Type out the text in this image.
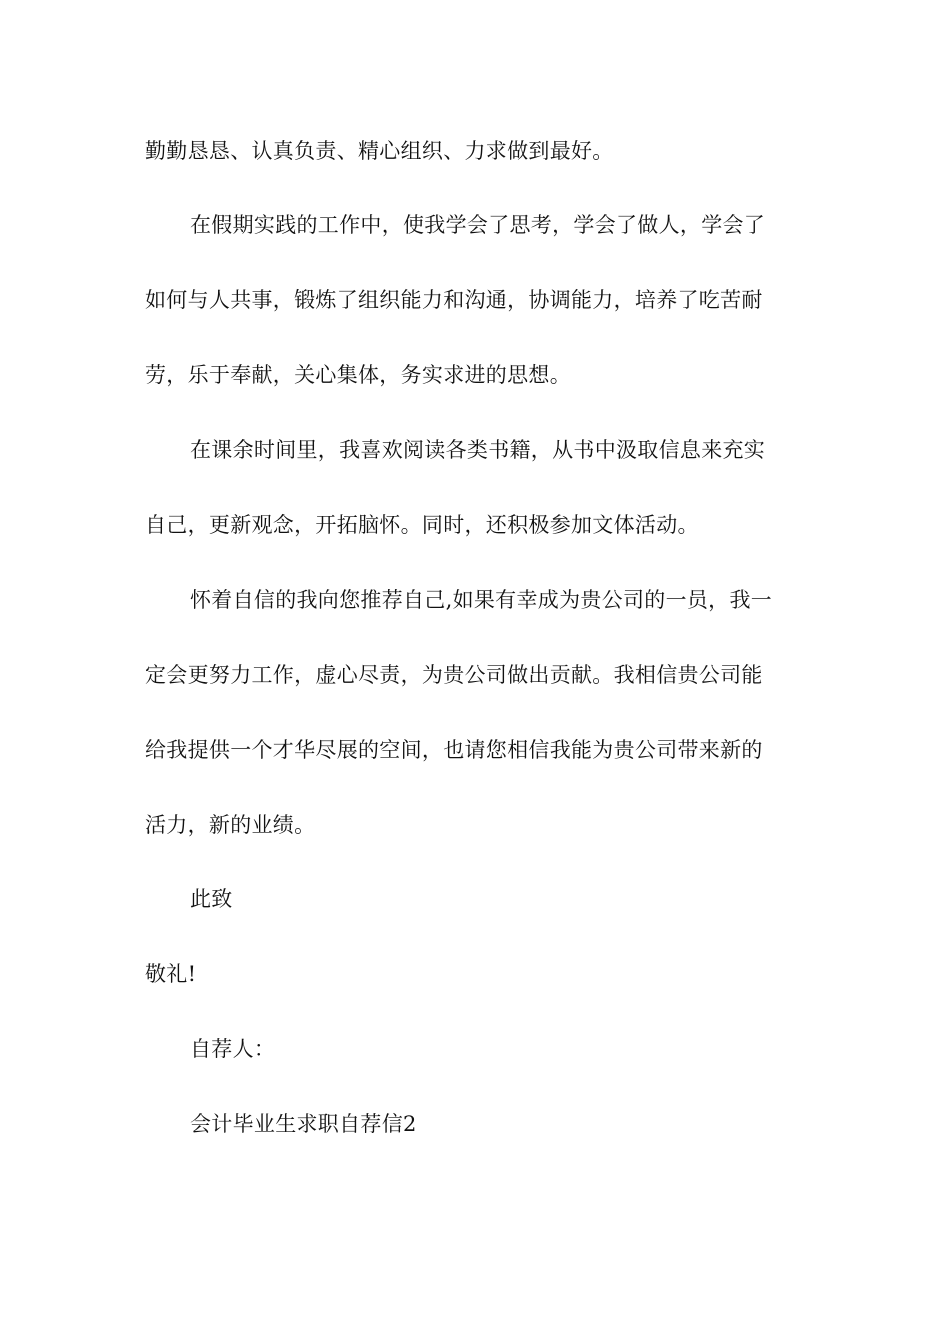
勤勤恳恳、认真负责、精心组织、力求做到最好。
在假期实践的工作中，使我学会了思考，学会了做人，学会了
如何与人共事，锻炼了组织能力和沟通，协调能力，培养了吃苦耐
劳，乐于奉献，关心集体，务实求进的思想。
在课余时间里，我喜欢阅读各类书籍，从书中汲取信息来充实
自己，更新观念，开拓脑怀。同时，还积极参加文体活动。
怀着自信的我向您推荐自己,如果有幸成为贵公司的一员，我一
定会更努力工作，虚心尽责，为贵公司做出贡献。我相信贵公司能
给我提供一个才华尽展的空间，也请您相信我能为贵公司带来新的
活力，新的业绩。
此致
敬礼!
自荐人：
会计毕业生求职自荐信2
